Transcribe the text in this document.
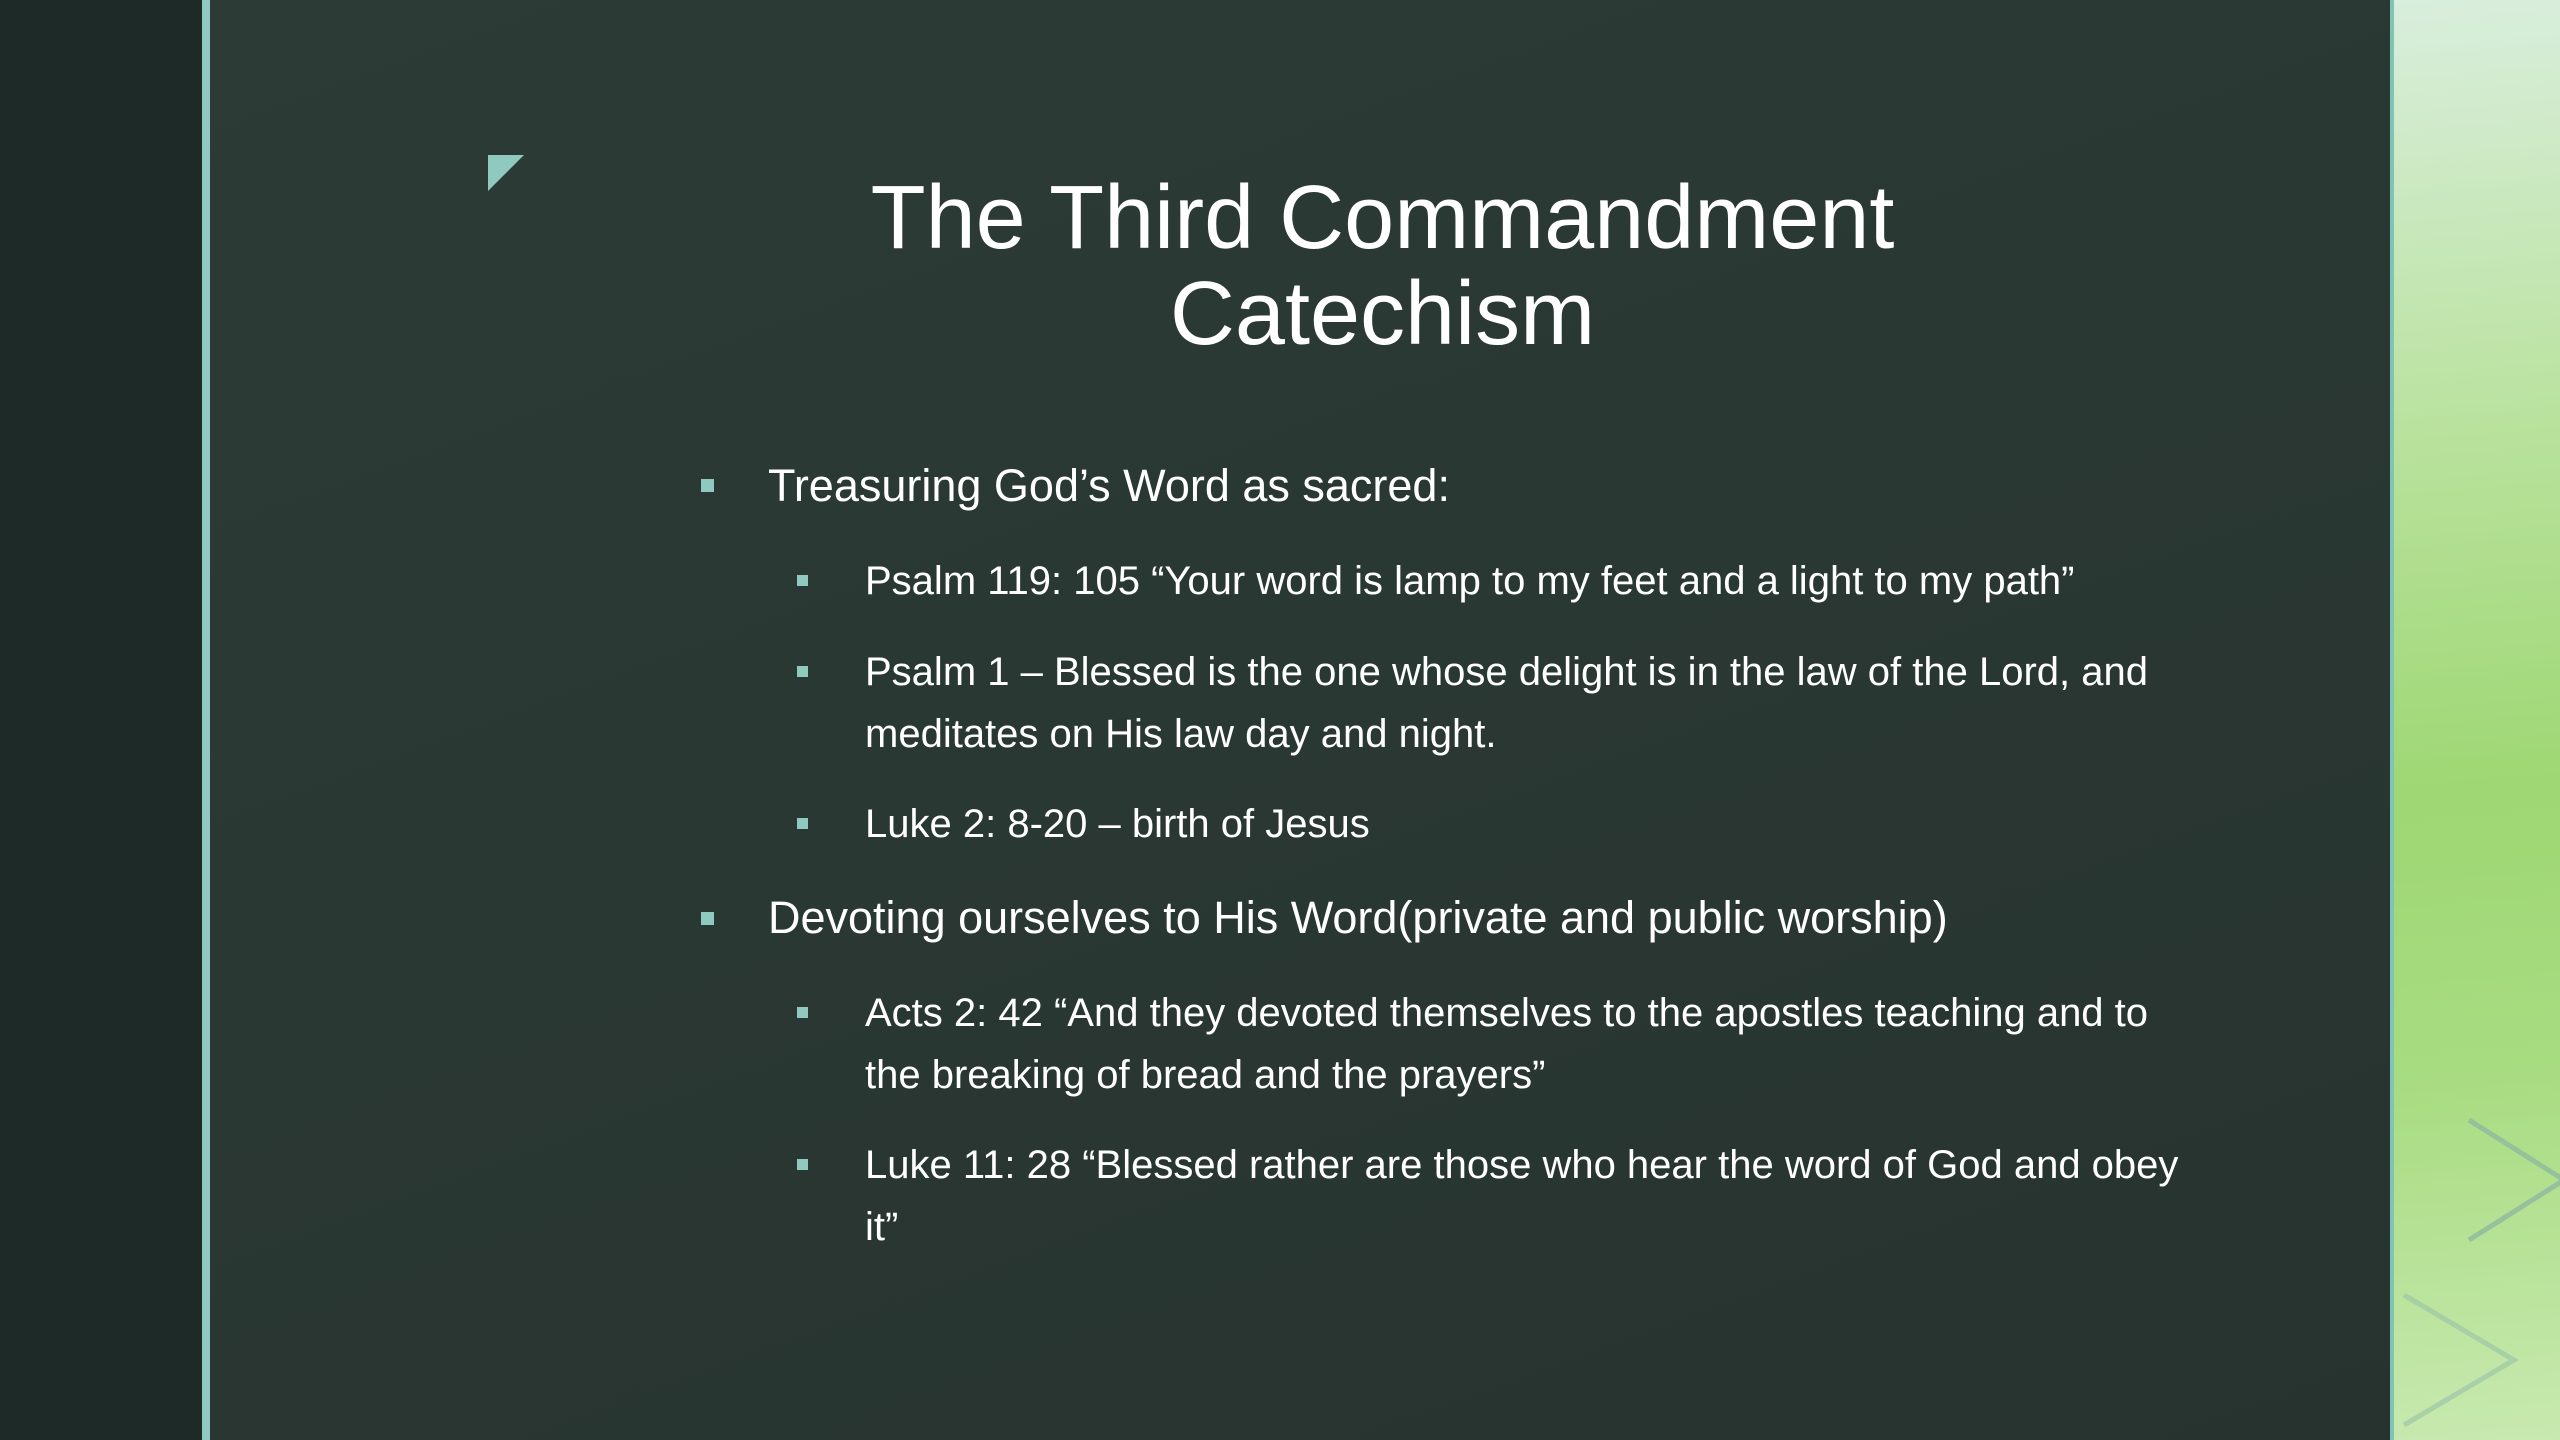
The Third Commandment
Catechism
Treasuring God’s Word as sacred:
Psalm 119: 105 “Your word is lamp to my feet and a light to my path”
Psalm 1 – Blessed is the one whose delight is in the law of the Lord, and meditates on His law day and night.
Luke 2: 8-20 – birth of Jesus
Devoting ourselves to His Word(private and public worship)
Acts 2: 42 “And they devoted themselves to the apostles teaching and to the breaking of bread and the prayers”
Luke 11: 28 “Blessed rather are those who hear the word of God and obey it”
